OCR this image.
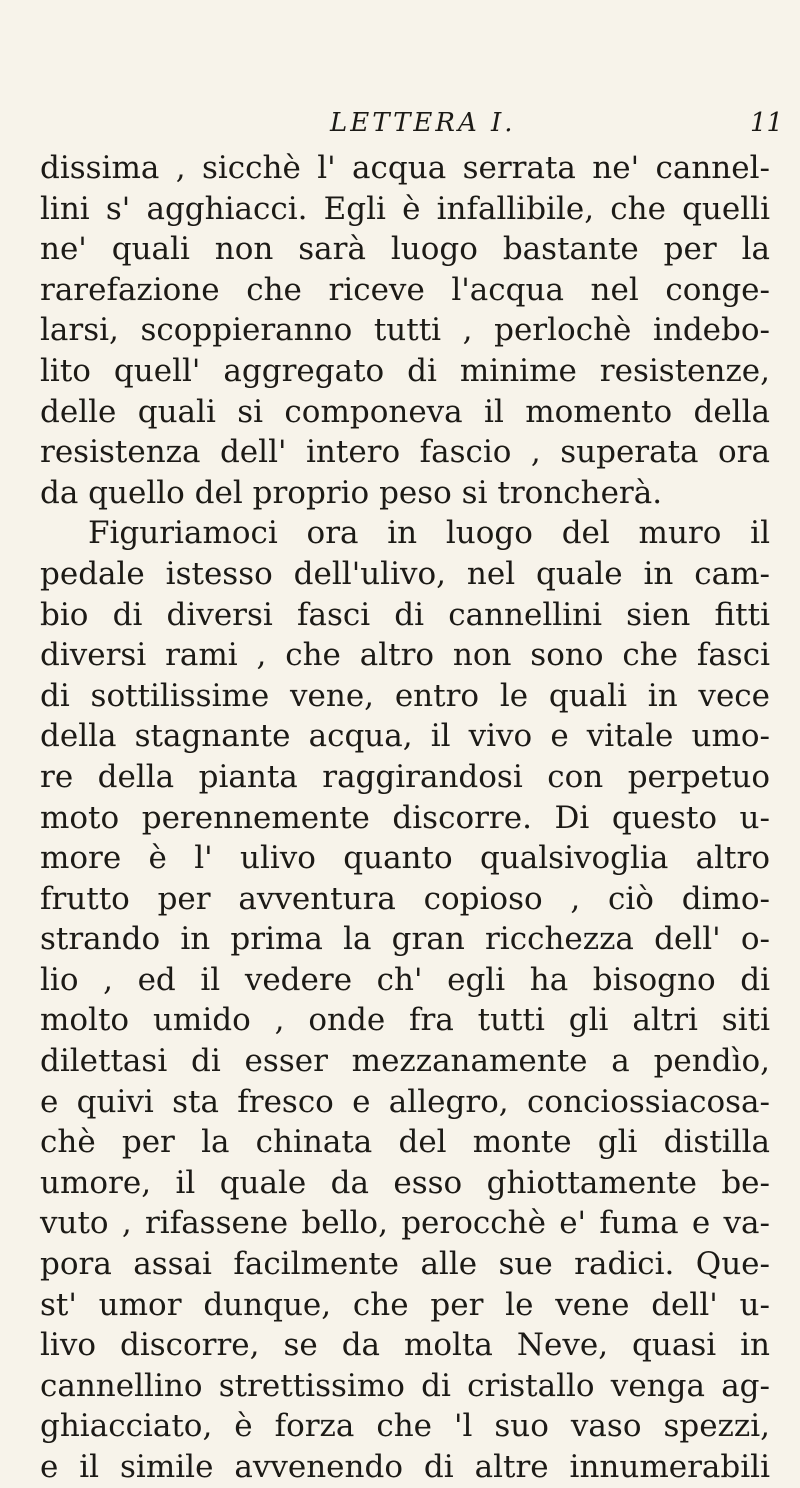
LETTERA I.	11
dissima , sicchè l' acqua serrata ne' cannel-
lini s' agghiacci. Egli è infallibile, che quelli
ne' quali non sarà luogo bastante per la
rarefazione che riceve l'acqua nel conge-
larsi, scoppieranno tutti , perlochè indebo-
lito quell' aggregato di minime resistenze,
delle quali si componeva il momento della
resistenza dell' intero fascio , superata ora
da quello del proprio peso si troncherà.
Figuriamoci ora in luogo del muro il
pedale istesso dell'ulivo, nel quale in cam-
bio di diversi fasci di cannellini sien fitti
diversi rami , che altro non sono che fasci
di sottilissime vene, entro le quali in vece
della stagnante acqua, il vivo e vitale umo-
re della pianta raggirandosi con perpetuo
moto perennemente discorre. Di questo u-
more è l' ulivo quanto qualsivoglia altro
frutto per avventura copioso , ciò dimo-
strando in prima la gran ricchezza dell' o-
lio , ed il vedere ch' egli ha bisogno di
molto umido , onde fra tutti gli altri siti
dilettasi di esser mezzanamente a pendìo,
e quivi sta fresco e allegro, conciossiacosa-
chè per la chinata del monte gli distilla
umore, il quale da esso ghiottamente be-
vuto , rifassene bello, perocchè e' fuma e va-
pora assai facilmente alle sue radici. Que-
st' umor dunque, che per le vene dell' u-
livo discorre, se da molta Neve, quasi in
cannellino strettissimo di cristallo venga ag-
ghiacciato, è forza che 'l suo vaso spezzi,
e il simile avvenendo di altre innumerabili
